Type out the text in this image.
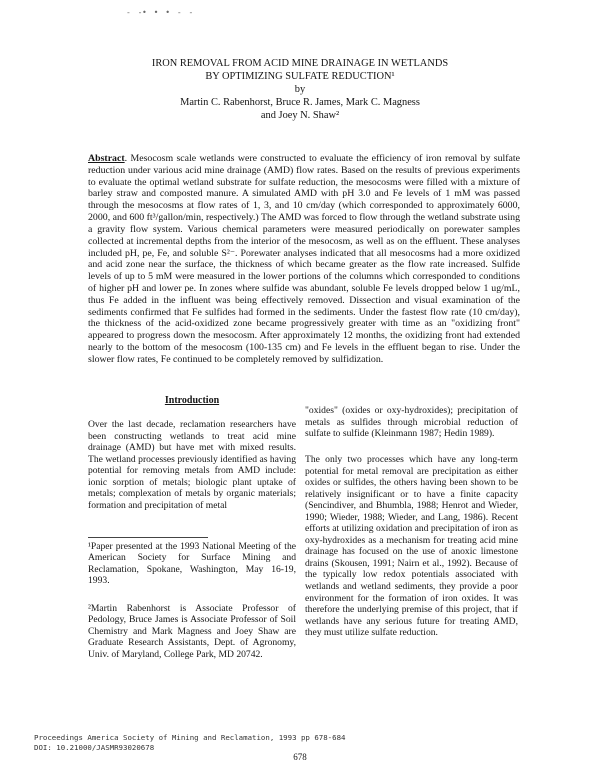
- -
• • • - -
IRON REMOVAL FROM ACID MINE DRAINAGE IN WETLANDS
BY OPTIMIZING SULFATE REDUCTION¹
by
Martin C. Rabenhorst, Bruce R. James, Mark C. Magness
and Joey N. Shaw²
Abstract. Mesocosm scale wetlands were constructed to evaluate the efficiency of iron removal by sulfate reduction under various acid mine drainage (AMD) flow rates. Based on the results of previous experiments to evaluate the optimal wetland substrate for sulfate reduction, the mesocosms were filled with a mixture of barley straw and composted manure. A simulated AMD with pH 3.0 and Fe levels of 1 mM was passed through the mesocosms at flow rates of 1, 3, and 10 cm/day (which corresponded to approximately 6000, 2000, and 600 ft³/gallon/min, respectively.) The AMD was forced to flow through the wetland substrate using a gravity flow system. Various chemical parameters were measured periodically on porewater samples collected at incremental depths from the interior of the mesocosm, as well as on the effluent. These analyses included pH, pe, Fe, and soluble S²⁻. Porewater analyses indicated that all mesocosms had a more oxidized and acid zone near the surface, the thickness of which became greater as the flow rate increased. Sulfide levels of up to 5 mM were measured in the lower portions of the columns which corresponded to conditions of higher pH and lower pe. In zones where sulfide was abundant, soluble Fe levels dropped below 1 ug/mL, thus Fe added in the influent was being effectively removed. Dissection and visual examination of the sediments confirmed that Fe sulfides had formed in the sediments. Under the fastest flow rate (10 cm/day), the thickness of the acid-oxidized zone became progressively greater with time as an "oxidizing front" appeared to progress down the mesocosm. After approximately 12 months, the oxidizing front had extended nearly to the bottom of the mesocosm (100-135 cm) and Fe levels in the effluent began to rise. Under the slower flow rates, Fe continued to be completely removed by sulfidization.
Introduction
Over the last decade, reclamation researchers have been constructing wetlands to treat acid mine drainage (AMD) but have met with mixed results. The wetland processes previously identified as having potential for removing metals from AMD include: ionic sorption of metals; biologic plant uptake of metals; complexation of metals by organic materials; formation and precipitation of metal
"oxides" (oxides or oxy-hydroxides); precipitation of metals as sulfides through microbial reduction of sulfate to sulfide (Kleinmann 1987; Hedin 1989).
The only two processes which have any long-term potential for metal removal are precipitation as either oxides or sulfides, the others having been shown to be relatively insignificant or to have a finite capacity (Sencindiver, and Bhumbla, 1988; Henrot and Wieder, 1990; Wieder, 1988; Wieder, and Lang, 1986). Recent efforts at utilizing oxidation and precipitation of iron as oxy-hydroxides as a mechanism for treating acid mine drainage has focused on the use of anoxic limestone drains (Skousen, 1991; Nairn et al., 1992). Because of the typically low redox potentials associated with wetlands and wetland sediments, they provide a poor environment for the formation of iron oxides. It was therefore the underlying premise of this project, that if wetlands have any serious future for treating AMD, they must utilize sulfate reduction.
¹Paper presented at the 1993 National Meeting of the American Society for Surface Mining and Reclamation, Spokane, Washington, May 16-19, 1993.
²Martin Rabenhorst is Associate Professor of Pedology, Bruce James is Associate Professor of Soil Chemistry and Mark Magness and Joey Shaw are Graduate Research Assistants, Dept. of Agronomy, Univ. of Maryland, College Park, MD 20742.
Proceedings America Society of Mining and Reclamation, 1993 pp 678-684
DOI: 10.21000/JASMR93020678
678
